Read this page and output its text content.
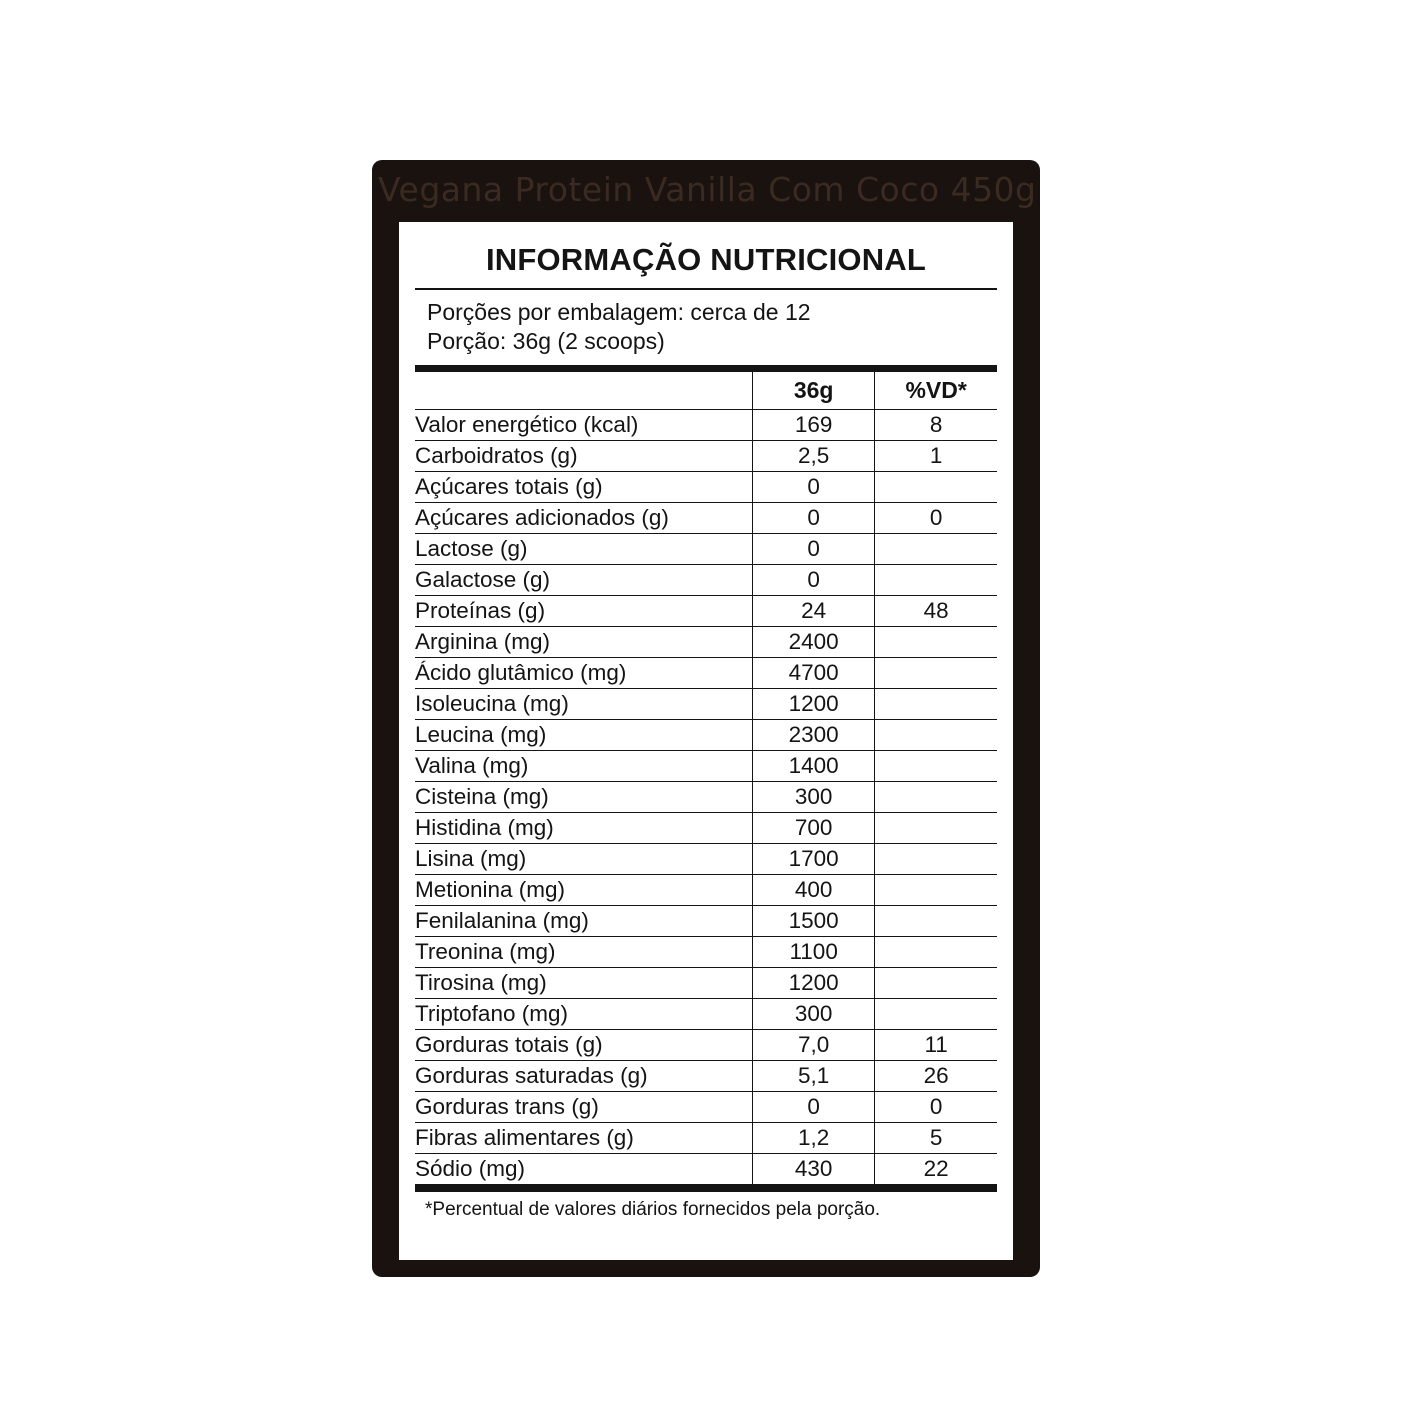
Vegana Protein Vanilla Com Coco 450g
INFORMAÇÃO NUTRICIONAL
Porções por embalagem: cerca de 12
Porção: 36g (2 scoops)
	36g	%VD*
Valor energético (kcal)	169	8
Carboidratos (g)	2,5	1
Açúcares totais (g)	0	
Açúcares adicionados (g)	0	0
Lactose (g)	0	
Galactose (g)	0	
Proteínas (g)	24	48
Arginina (mg)	2400	
Ácido glutâmico (mg)	4700	
Isoleucina (mg)	1200	
Leucina (mg)	2300	
Valina (mg)	1400	
Cisteina (mg)	300	
Histidina (mg)	700	
Lisina (mg)	1700	
Metionina (mg)	400	
Fenilalanina (mg)	1500	
Treonina (mg)	1100	
Tirosina (mg)	1200	
Triptofano (mg)	300	
Gorduras totais (g)	7,0	11
Gorduras saturadas (g)	5,1	26
Gorduras trans (g)	0	0
Fibras alimentares (g)	1,2	5
Sódio (mg)	430	22
*Percentual de valores diários fornecidos pela porção.
